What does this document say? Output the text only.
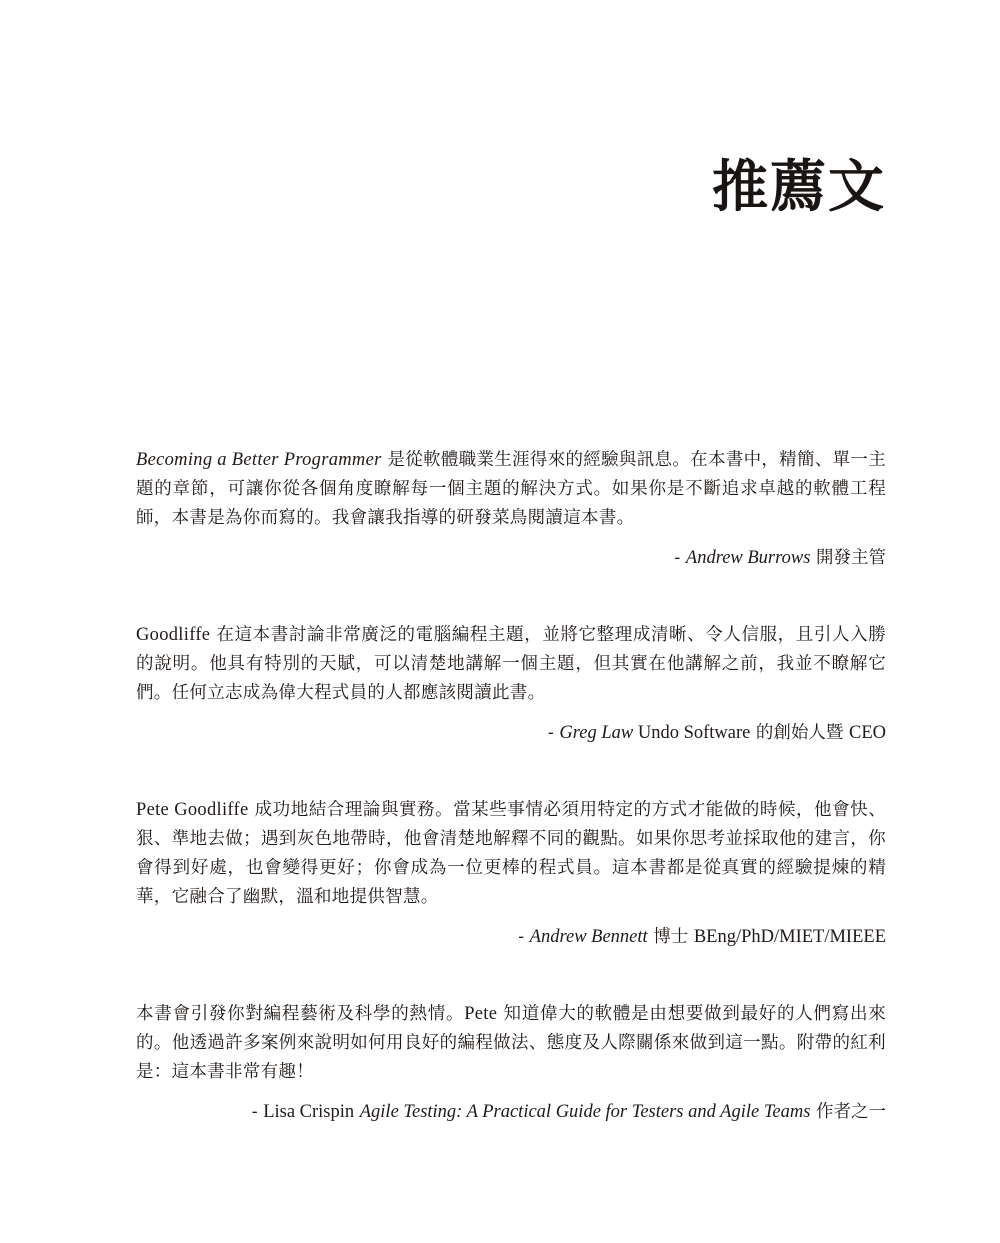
推薦文

Becoming a Better Programmer 是從軟體職業生涯得來的經驗與訊息。在本書中，精簡、單一主題的章節，可讓你從各個角度瞭解每一個主題的解決方式。如果你是不斷追求卓越的軟體工程師，本書是為你而寫的。我會讓我指導的研發菜鳥閱讀這本書。

- Andrew Burrows 開發主管

Goodliffe 在這本書討論非常廣泛的電腦編程主題，並將它整理成清晰、令人信服，且引人入勝的說明。他具有特別的天賦，可以清楚地講解一個主題，但其實在他講解之前，我並不瞭解它們。任何立志成為偉大程式員的人都應該閱讀此書。

- Greg Law Undo Software 的創始人暨 CEO

Pete Goodliffe 成功地結合理論與實務。當某些事情必須用特定的方式才能做的時候，他會快、狠、準地去做；遇到灰色地帶時，他會清楚地解釋不同的觀點。如果你思考並採取他的建言，你會得到好處，也會變得更好；你會成為一位更棒的程式員。這本書都是從真實的經驗提煉的精華，它融合了幽默，溫和地提供智慧。

- Andrew Bennett 博士 BEng/PhD/MIET/MIEEE

本書會引發你對編程藝術及科學的熱情。Pete 知道偉大的軟體是由想要做到最好的人們寫出來的。他透過許多案例來說明如何用良好的編程做法、態度及人際關係來做到這一點。附帶的紅利是：這本書非常有趣！

- Lisa Crispin Agile Testing: A Practical Guide for Testers and Agile Teams 作者之一
